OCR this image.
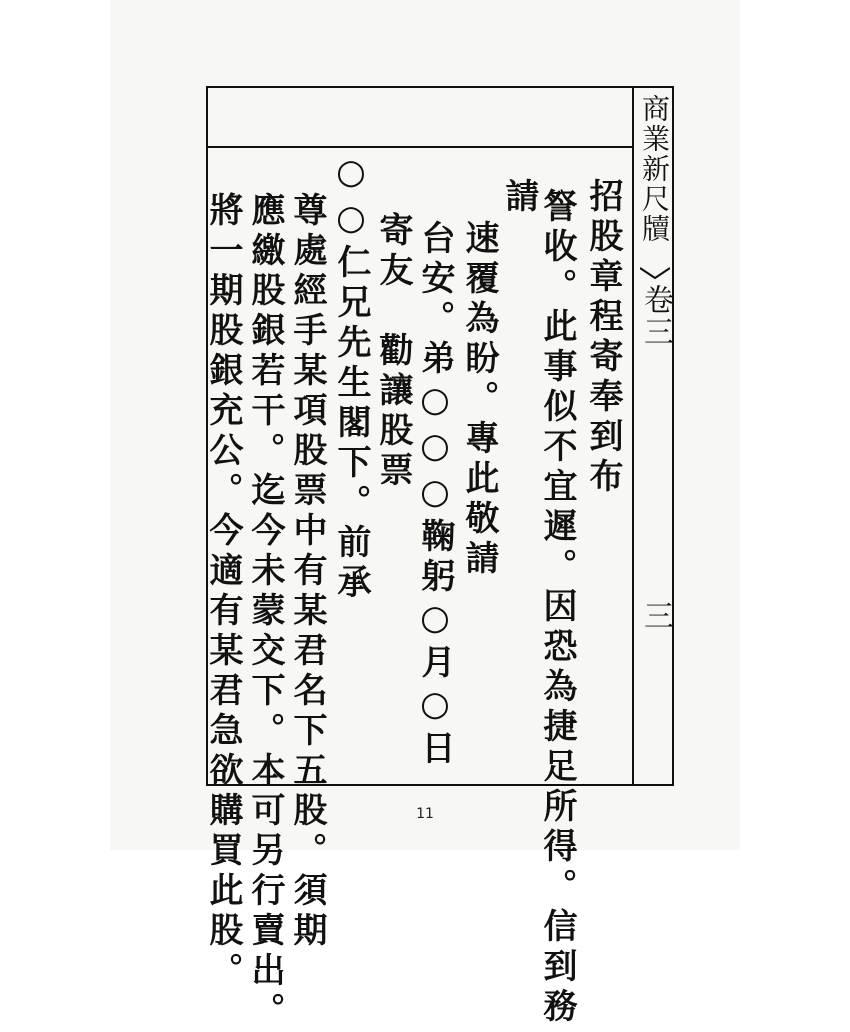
商業新尺牘
卷三
三
招股章程寄奉到布
詧收。此事似不宜遲。因恐為捷足所得。信到務
請
速覆為盼。專此敬請
台安。弟○○○鞠躬○月○日
寄友　勸讓股票
○○仁兄先生閣下。前承
尊處經手某項股票中有某君名下五股。須期
應繳股銀若干。迄今未蒙交下。本可另行賣出。
將一期股銀充公。今適有某君急欲購買此股。	11
